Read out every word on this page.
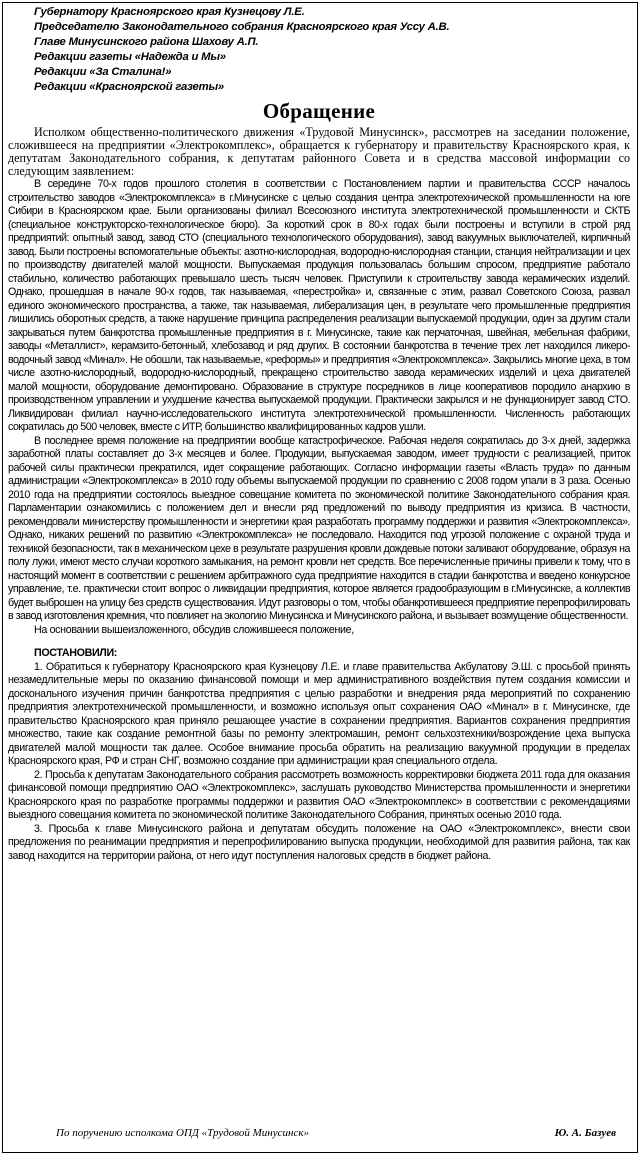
Губернатору Красноярского края Кузнецову Л.Е.
Председателю Законодательного собрания Красноярского края Уссу А.В.
Главе Минусинского района Шахову А.П.
Редакции газеты «Надежда и Мы»
Редакции «За Сталина!»
Редакции «Красноярской газеты»
Обращение

Исполком общественно-политического движения «Трудовой Минусинск», рассмотрев на заседании положение, сложившееся на предприятии «Электрокомплекс», обращается к губернатору и правительству Красноярского края, к депутатам Законодательного собрания, к депутатам районного Совета и в средства массовой информации со следующим заявлением:

В середине 70-х годов прошлого столетия в соответствии с Постановлением партии и правительства СССР началось строительство заводов «Электрокомплекса» в г.Минусинске с целью создания центра электротехнической промышленности на юге Сибири в Красноярском крае. Были организованы филиал Всесоюзного института электротехнической промышленности и СКТБ (специальное конструкторско-технологическое бюро). За короткий срок в 80-х годах были построены и вступили в строй ряд предприятий: опытный завод, завод СТО (специального технологического оборудования), завод вакуумных выключателей, кирпичный завод. Были построены вспомогательные объекты: азотно-кислородная, водородно-кислородная станции, станция нейтрализации и цех по производству двигателей малой мощности. Выпускаемая продукция пользовалась большим спросом, предприятие работало стабильно, количество работающих превышало шесть тысяч человек. Приступили к строительству завода керамических изделий. Однако, прошедшая в начале 90-х годов, так называемая, «перестройка» и, связанные с этим, развал Советского Союза, развал единого экономического пространства, а также, так называемая, либерализация цен, в результате чего промышленные предприятия лишились оборотных средств, а также нарушение принципа распределения реализации выпускаемой продукции, один за другим стали закрываться путем банкротства промышленные предприятия в г. Минусинске, такие как перчаточная, швейная, мебельная фабрики, заводы «Металлист», керамзито-бетонный, хлебозавод и ряд других. В состоянии банкротства в течение трех лет находился ликеро-водочный завод «Минал». Не обошли, так называемые, «реформы» и предприятия «Электрокомплекса». Закрылись многие цеха, в том числе азотно-кислородный, водородно-кислородный, прекращено строительство завода керамических изделий и цеха двигателей малой мощности, оборудование демонтировано. Образование в структуре посредников в лице кооперативов породило анархию в производственном управлении и ухудшение качества выпускаемой продукции. Практически закрылся и не функционирует завод СТО. Ликвидирован филиал научно-исследовательского института электротехнической промышленности. Численность работающих сократилась до 500 человек, вместе с ИТР, большинство квалифицированных кадров ушли.

В последнее время положение на предприятии вообще катастрофическое. Рабочая неделя сократилась до 3-х дней, задержка заработной платы составляет до 3-х месяцев и более. Продукции, выпускаемая заводом, имеет трудности с реализацией, приток рабочей силы практически прекратился, идет сокращение работающих. Согласно информации газеты «Власть труда» по данным администрации «Электрокомплекса» в 2010 году объемы выпускаемой продукции по сравнению с 2008 годом упали в 3 раза. Осенью 2010 года на предприятии состоялось выездное совещание комитета по экономической политике Законодательного собрания края. Парламентарии ознакомились с положением дел и внесли ряд предложений по выводу предприятия из кризиса. В частности, рекомендовали министерству промышленности и энергетики края разработать программу поддержки и развития «Электрокомплекса». Однако, никаких решений по развитию «Электрокомплекса» не последовало. Находится под угрозой положение с охраной труда и техникой безопасности, так в механическом цехе в результате разрушения кровли дождевые потоки заливают оборудование, образуя на полу лужи, имеют место случаи короткого замыкания, на ремонт кровли нет средств. Все перечисленные причины привели к тому, что в настоящий момент в соответствии с решением арбитражного суда предприятие находится в стадии банкротства и введено конкурсное управление, т.е. практически стоит вопрос о ликвидации предприятия, которое является градообразующим в г.Минусинске, а коллектив будет выброшен на улицу без средств существования. Идут разговоры о том, чтобы обанкротившееся предприятие перепрофилировать в завод изготовления кремния, что повлияет на экологию Минусинска и Минусинского района, и вызывает возмущение общественности.

На основании вышеизложенного, обсудив сложившееся положение,

ПОСТАНОВИЛИ:

1. Обратиться к губернатору Красноярского края Кузнецову Л.Е. и главе правительства Акбулатову Э.Ш. с просьбой принять незамедлительные меры по оказанию финансовой помощи и мер административного воздействия путем создания комиссии и досконального изучения причин банкротства предприятия с целью разработки и внедрения ряда мероприятий по сохранению предприятия электротехнической промышленности, и возможно используя опыт сохранения ОАО «Минал» в г. Минусинске, где правительство Красноярского края приняло решающее участие в сохранении предприятия. Вариантов сохранения предприятия множество, такие как создание ремонтной базы по ремонту электромашин, ремонт сельхозтехники/возрождение цеха выпуска двигателей малой мощности так далее. Особое внимание просьба обратить на реализацию вакуумной продукции в пределах Красноярского края, РФ и стран СНГ, возможно создание при администрации края специального отдела.

2. Просьба к депутатам Законодательного собрания рассмотреть возможность корректировки бюджета 2011 года для оказания финансовой помощи предприятию ОАО «Электрокомплекс», заслушать руководство Министерства промышленности и энергетики Красноярского края по разработке программы поддержки и развития ОАО «Электрокомплекс» в соответствии с рекомендациями выездного совещания комитета по экономической политике Законодательного Собрания, принятых осенью 2010 года.

3. Просьба к главе Минусинского района и депутатам обсудить положение на ОАО «Электрокомплекс», внести свои предложения по реанимации предприятия и перепрофилированию выпуска продукции, необходимой для развития района, так как завод находится на территории района, от него идут поступления налоговых средств в бюджет района.

По поручению исполкома ОПД «Трудовой Минусинск»	Ю. А. Базуев
